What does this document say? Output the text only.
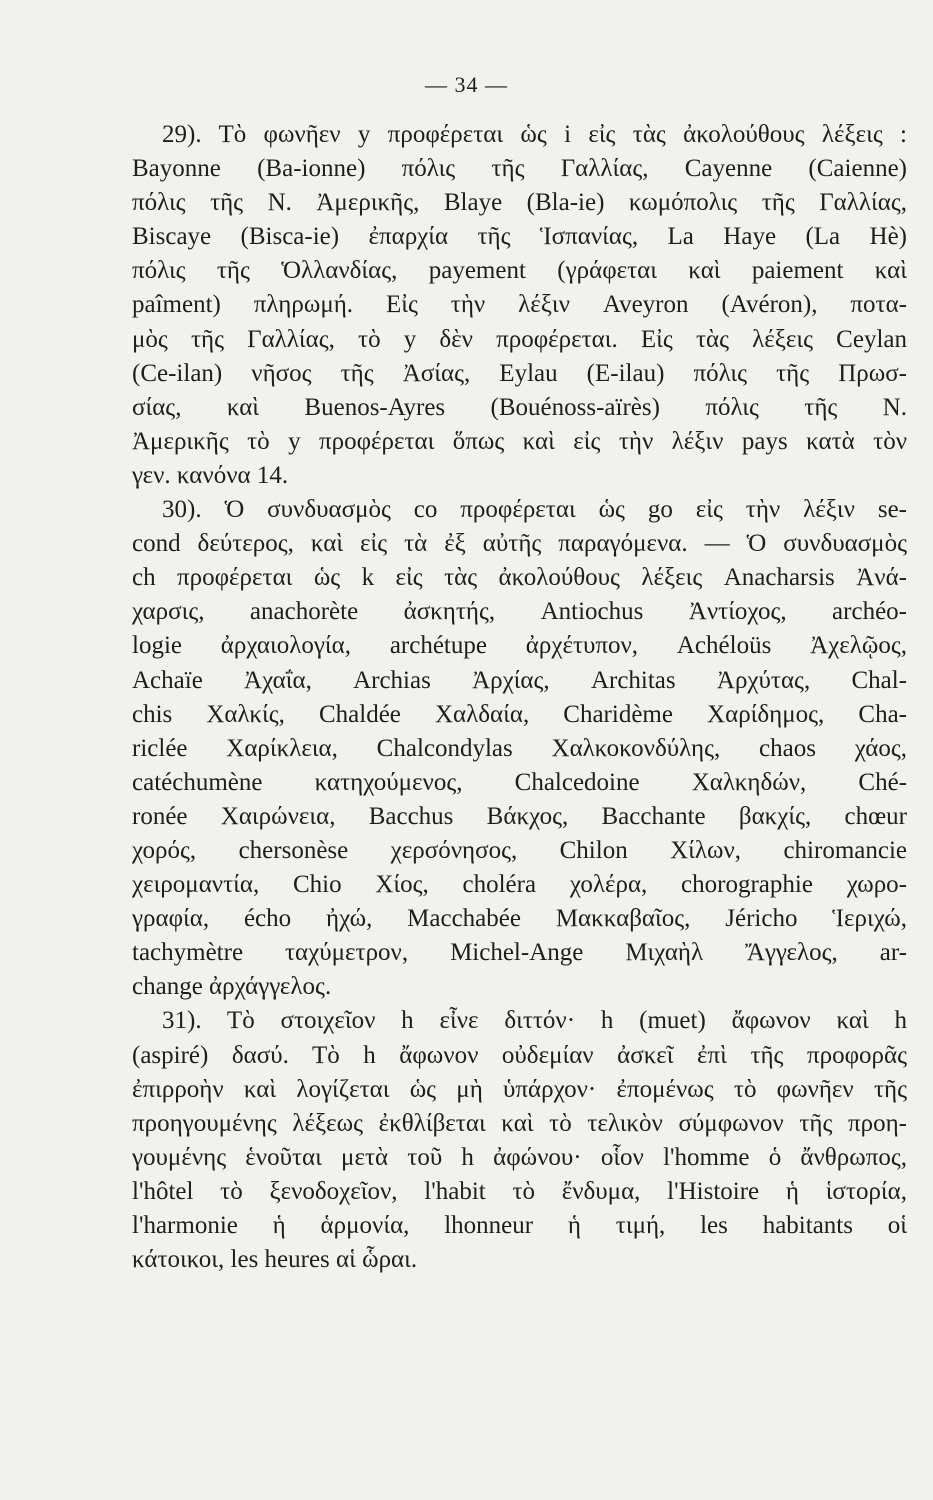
— 34 —
29). Τὸ φωνῆεν y προφέρεται ὡς i εἰς τὰς ἀκολούθους λέξεις :
Bayonne (Ba-ionne) πόλις τῆς Γαλλίας, Cayenne (Caienne)
πόλις τῆς Ν. Ἀμερικῆς, Blaye (Bla-ie) κωμόπολις τῆς Γαλλίας,
Biscaye (Bisca-ie) ἐπαρχία τῆς Ἱσπανίας, La Haye (La Hè)
πόλις τῆς Ὁλλανδίας, payement (γράφεται καὶ paiement καὶ
paîment) πληρωμή. Εἰς τὴν λέξιν Aveyron (Avéron), ποτα-
μὸς τῆς Γαλλίας, τὸ y δὲν προφέρεται. Εἰς τὰς λέξεις Ceylan
(Ce-ilan) νῆσος τῆς Ἀσίας, Eylau (E-ilau) πόλις τῆς Πρωσ-
σίας, καὶ Buenos-Ayres (Bouénoss-aïrès) πόλις τῆς Ν.
Ἀμερικῆς τὸ y προφέρεται ὅπως καὶ εἰς τὴν λέξιν pays κατὰ τὸν
γεν. κανόνα 14.
30). Ὁ συνδυασμὸς co προφέρεται ὡς go εἰς τὴν λέξιν se-
cond δεύτερος, καὶ εἰς τὰ ἐξ αὐτῆς παραγόμενα. — Ὁ συνδυασμὸς
ch προφέρεται ὡς k εἰς τὰς ἀκολούθους λέξεις Anacharsis Ἀνά-
χαρσις, anachorète ἀσκητής, Antiochus Ἀντίοχος, archéo-
logie ἀρχαιολογία, archétupe ἀρχέτυπον, Achéloüs Ἀχελῷος,
Achaïe Ἀχαΐα, Archias Ἀρχίας, Architas Ἀρχύτας, Chal-
chis Χαλκίς, Chaldée Χαλδαία, Charidème Χαρίδημος, Cha-
riclée Χαρίκλεια, Chalcondylas Χαλκοκονδύλης, chaos χάος,
catéchumène κατηχούμενος, Chalcedoine Χαλκηδών, Ché-
ronée Χαιρώνεια, Bacchus Βάκχος, Bacchante βακχίς, chœur
χορός, chersonèse χερσόνησος, Chilon Χίλων, chiromancie
χειρομαντία, Chio Χίος, choléra χολέρα, chorographie χωρο-
γραφία, écho ἠχώ, Macchabée Μακκαβαῖος, Jéricho Ἱεριχώ,
tachymètre ταχύμετρον, Michel-Ange Μιχαὴλ Ἄγγελος, ar-
change ἀρχάγγελος.
31). Τὸ στοιχεῖον h εἶνε διττόν· h (muet) ἄφωνον καὶ h
(aspiré) δασύ. Τὸ h ἄφωνον οὐδεμίαν ἀσκεῖ ἐπὶ τῆς προφορᾶς
ἐπιρροὴν καὶ λογίζεται ὡς μὴ ὑπάρχον· ἐπομένως τὸ φωνῆεν τῆς
προηγουμένης λέξεως ἐκθλίβεται καὶ τὸ τελικὸν σύμφωνον τῆς προη-
γουμένης ἑνοῦται μετὰ τοῦ h ἀφώνου· οἷον l'homme ὁ ἄνθρωπος,
l'hôtel τὸ ξενοδοχεῖον, l'habit τὸ ἔνδυμα, l'Histoire ἡ ἱστορία,
l'harmonie ἡ ἁρμονία, lhonneur ἡ τιμή, les habitants οἱ
κάτοικοι, les heures αἱ ὧραι.
